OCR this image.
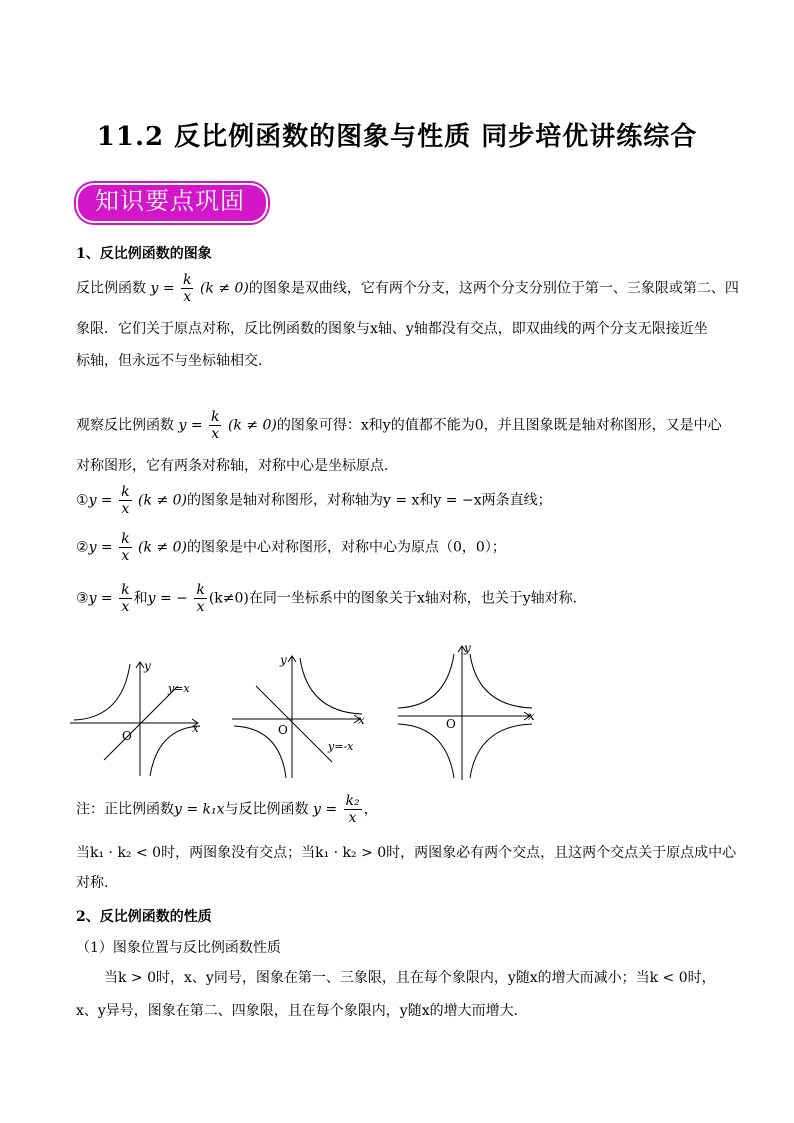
11.2 反比例函数的图象与性质 同步培优讲练综合
知识要点巩固
1、反比例函数的图象
反比例函数 $y = \frac{k}{x} (k \ne 0)$的图象是双曲线，它有两个分支，这两个分支分别位于第一、三象限或第二、四
象限．它们关于原点对称，反比例函数的图象与x轴、y轴都没有交点，即双曲线的两个分支无限接近坐
标轴，但永远不与坐标轴相交．
观察反比例函数 $y = \frac{k}{x} (k \ne 0)$的图象可得：x和y的值都不能为0，并且图象既是轴对称图形，又是中心
对称图形，它有两条对称轴，对称中心是坐标原点．
①y = $\frac{k}{x} (k \ne 0)$的图象是轴对称图形，对称轴为y = x和y = −x两条直线；
②y = $\frac{k}{x} (k \ne 0)$的图象是中心对称图形，对称中心为原点（0，0）；
③y = $\frac{k}{x}$ 和y = − $\frac{k}{x} (k\ne 0)$在同一坐标系中的图象关于x轴对称，也关于y轴对称．
y
x
O
y=x
y
x
O
y=-x
y
x
O
注：正比例函数y = k₁x与反比例函数 $y = \frac{\text{k₂}}{x}$ ，
当k₁ · k₂ < 0时，两图象没有交点；当k₁ · k₂ > 0时，两图象必有两个交点，且这两个交点关于原点成中心
对称.
2、反比例函数的性质
（1）图象位置与反比例函数性质
当k > 0时，x、y同号，图象在第一、三象限，且在每个象限内，y随x的增大而减小；当k < 0时，
x、y异号，图象在第二、四象限，且在每个象限内，y随x的增大而增大.
